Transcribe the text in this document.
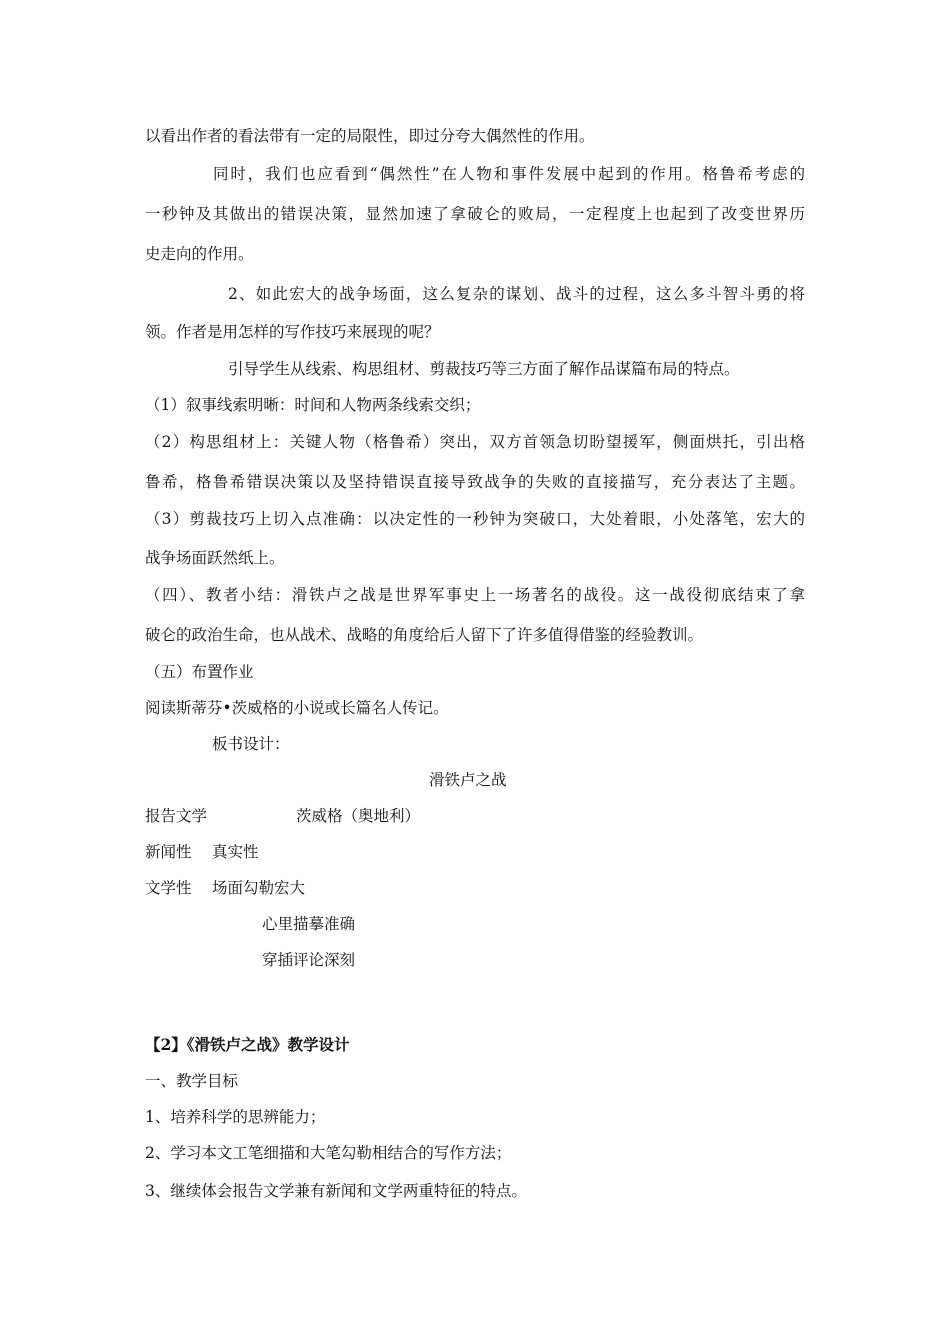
以看出作者的看法带有一定的局限性，即过分夸大偶然性的作用。

同时，我们也应看到“偶然性”在人物和事件发展中起到的作用。格鲁希考虑的

一秒钟及其做出的错误决策，显然加速了拿破仑的败局，一定程度上也起到了改变世界历

史走向的作用。

2、如此宏大的战争场面，这么复杂的谋划、战斗的过程，这么多斗智斗勇的将

领。作者是用怎样的写作技巧来展现的呢？

引导学生从线索、构思组材、剪裁技巧等三方面了解作品谋篇布局的特点。

（1）叙事线索明晰：时间和人物两条线索交织；

（2）构思组材上：关键人物（格鲁希）突出，双方首领急切盼望援军，侧面烘托，引出格

鲁希，格鲁希错误决策以及坚持错误直接导致战争的失败的直接描写，充分表达了主题。

（3）剪裁技巧上切入点准确：以决定性的一秒钟为突破口，大处着眼，小处落笔，宏大的

战争场面跃然纸上。

（四）、教者小结：滑铁卢之战是世界军事史上一场著名的战役。这一战役彻底结束了拿

破仑的政治生命，也从战术、战略的角度给后人留下了许多值得借鉴的经验教训。

（五）布置作业

阅读斯蒂芬•茨威格的小说或长篇名人传记。

板书设计：

滑铁卢之战

报告文学	茨威格（奥地利）

新闻性 真实性

文学性 场面勾勒宏大

心里描摹准确

穿插评论深刻

【2】《滑铁卢之战》教学设计

一、教学目标

1、培养科学的思辨能力；

2、学习本文工笔细描和大笔勾勒相结合的写作方法；

3、继续体会报告文学兼有新闻和文学两重特征的特点。
